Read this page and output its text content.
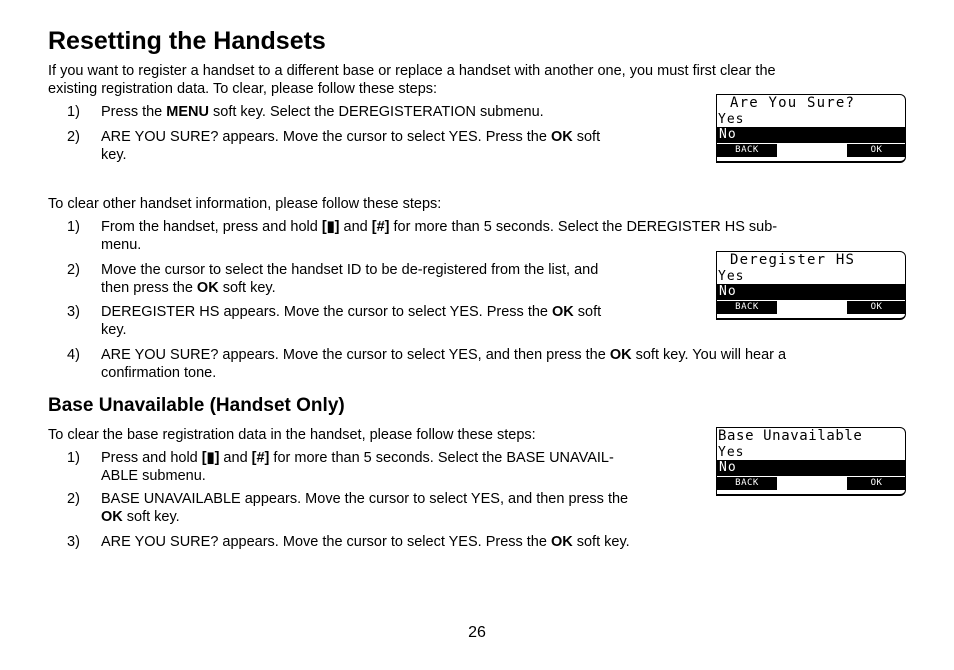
Resetting the Handsets
If you want to register a handset to a different base or replace a handset with another one, you must first clear the
existing registration data. To clear, please follow these steps:
1)	Press the MENU soft key. Select the DEREGISTERATION submenu.
2)	ARE YOU SURE? appears. Move the cursor to select YES. Press the OK soft
key.
To clear other handset information, please follow these steps:
1)	From the handset, press and hold [▮] and [#] for more than 5 seconds. Select the DEREGISTER HS sub-
menu.
2)	Move the cursor to select the handset ID to be de-registered from the list, and
then press the OK soft key.
3)	DEREGISTER HS appears. Move the cursor to select YES. Press the OK soft
key.
4)	ARE YOU SURE? appears. Move the cursor to select YES, and then press the OK soft key. You will hear a
confirmation tone.
Base Unavailable (Handset Only)
To clear the base registration data in the handset, please follow these steps:
1)	Press and hold [▮] and [#] for more than 5 seconds. Select the BASE UNAVAIL-
ABLE submenu.
2)	BASE UNAVAILABLE appears. Move the cursor to select YES, and then press the
OK soft key.
3)	ARE YOU SURE? appears. Move the cursor to select YES. Press the OK soft key.
Are You Sure?
Yes
No
BACK	OK
Deregister HS
Yes
No
BACK	OK
Base Unavailable
Yes
No
BACK	OK
26
